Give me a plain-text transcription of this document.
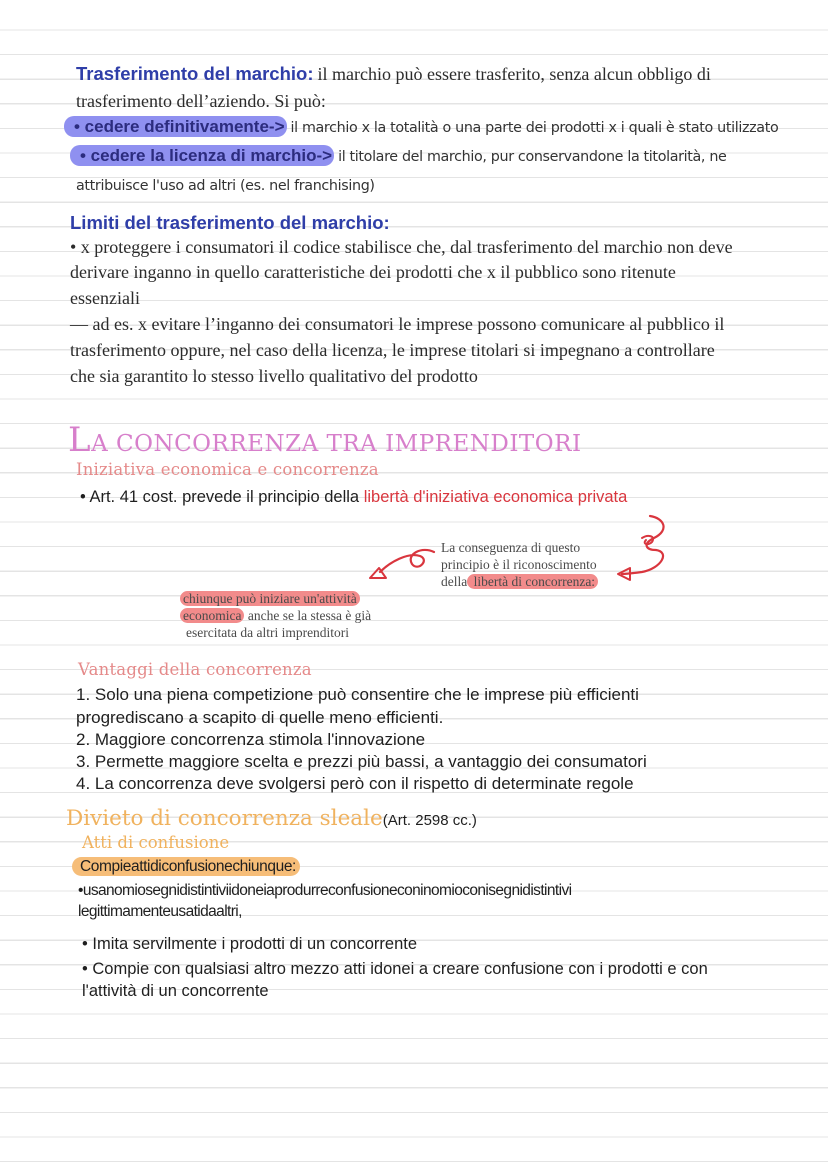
Trasferimento del marchio: il marchio può essere trasferito, senza alcun obbligo di
trasferimento dell’aziendo. Si può:
• cedere definitivamente-> il marchio x la totalità o una parte dei prodotti x i quali è stato utilizzato
• cedere la licenza di marchio-> il titolare del marchio, pur conservandone la titolarità, ne
attribuisce l'uso ad altri (es. nel franchising)
Limiti del trasferimento del marchio:
• x proteggere i consumatori il codice stabilisce che, dal trasferimento del marchio non deve
derivare inganno in quello caratteristiche dei prodotti che x il pubblico sono ritenute
essenziali
— ad es. x evitare l’inganno dei consumatori le imprese possono comunicare al pubblico il
trasferimento oppure, nel caso della licenza, le imprese titolari si impegnano a controllare
che sia garantito lo stesso livello qualitativo del prodotto
LA CONCORRENZA TRA IMPRENDITORI
Iniziativa economica e concorrenza
• Art. 41 cost. prevede il principio della libertà d'iniziativa economica privata
La conseguenza di questo
principio è il riconoscimento
della libertà di concorrenza:
chiunque può iniziare un'attività
economica anche se la stessa è già
esercitata da altri imprenditori
Vantaggi della concorrenza
1. Solo una piena competizione può consentire che le imprese più efficienti
progrediscano a scapito di quelle meno efficienti.
2. Maggiore concorrenza stimola l'innovazione
3. Permette maggiore scelta e prezzi più bassi, a vantaggio dei consumatori
4. La concorrenza deve svolgersi però con il rispetto di determinate regole
Divieto di concorrenza sleale(Art. 2598 cc.)
Atti di confusione
Compieattidiconfusionechiunque:
•usanomiosegnidistintiviidoneiaprodurreconfusioneconinomioconisegnidistintivi
legittimamenteusatidaaltri,
• Imita servilmente i prodotti di un concorrente
• Compie con qualsiasi altro mezzo atti idonei a creare confusione con i prodotti e con
l'attività di un concorrente
